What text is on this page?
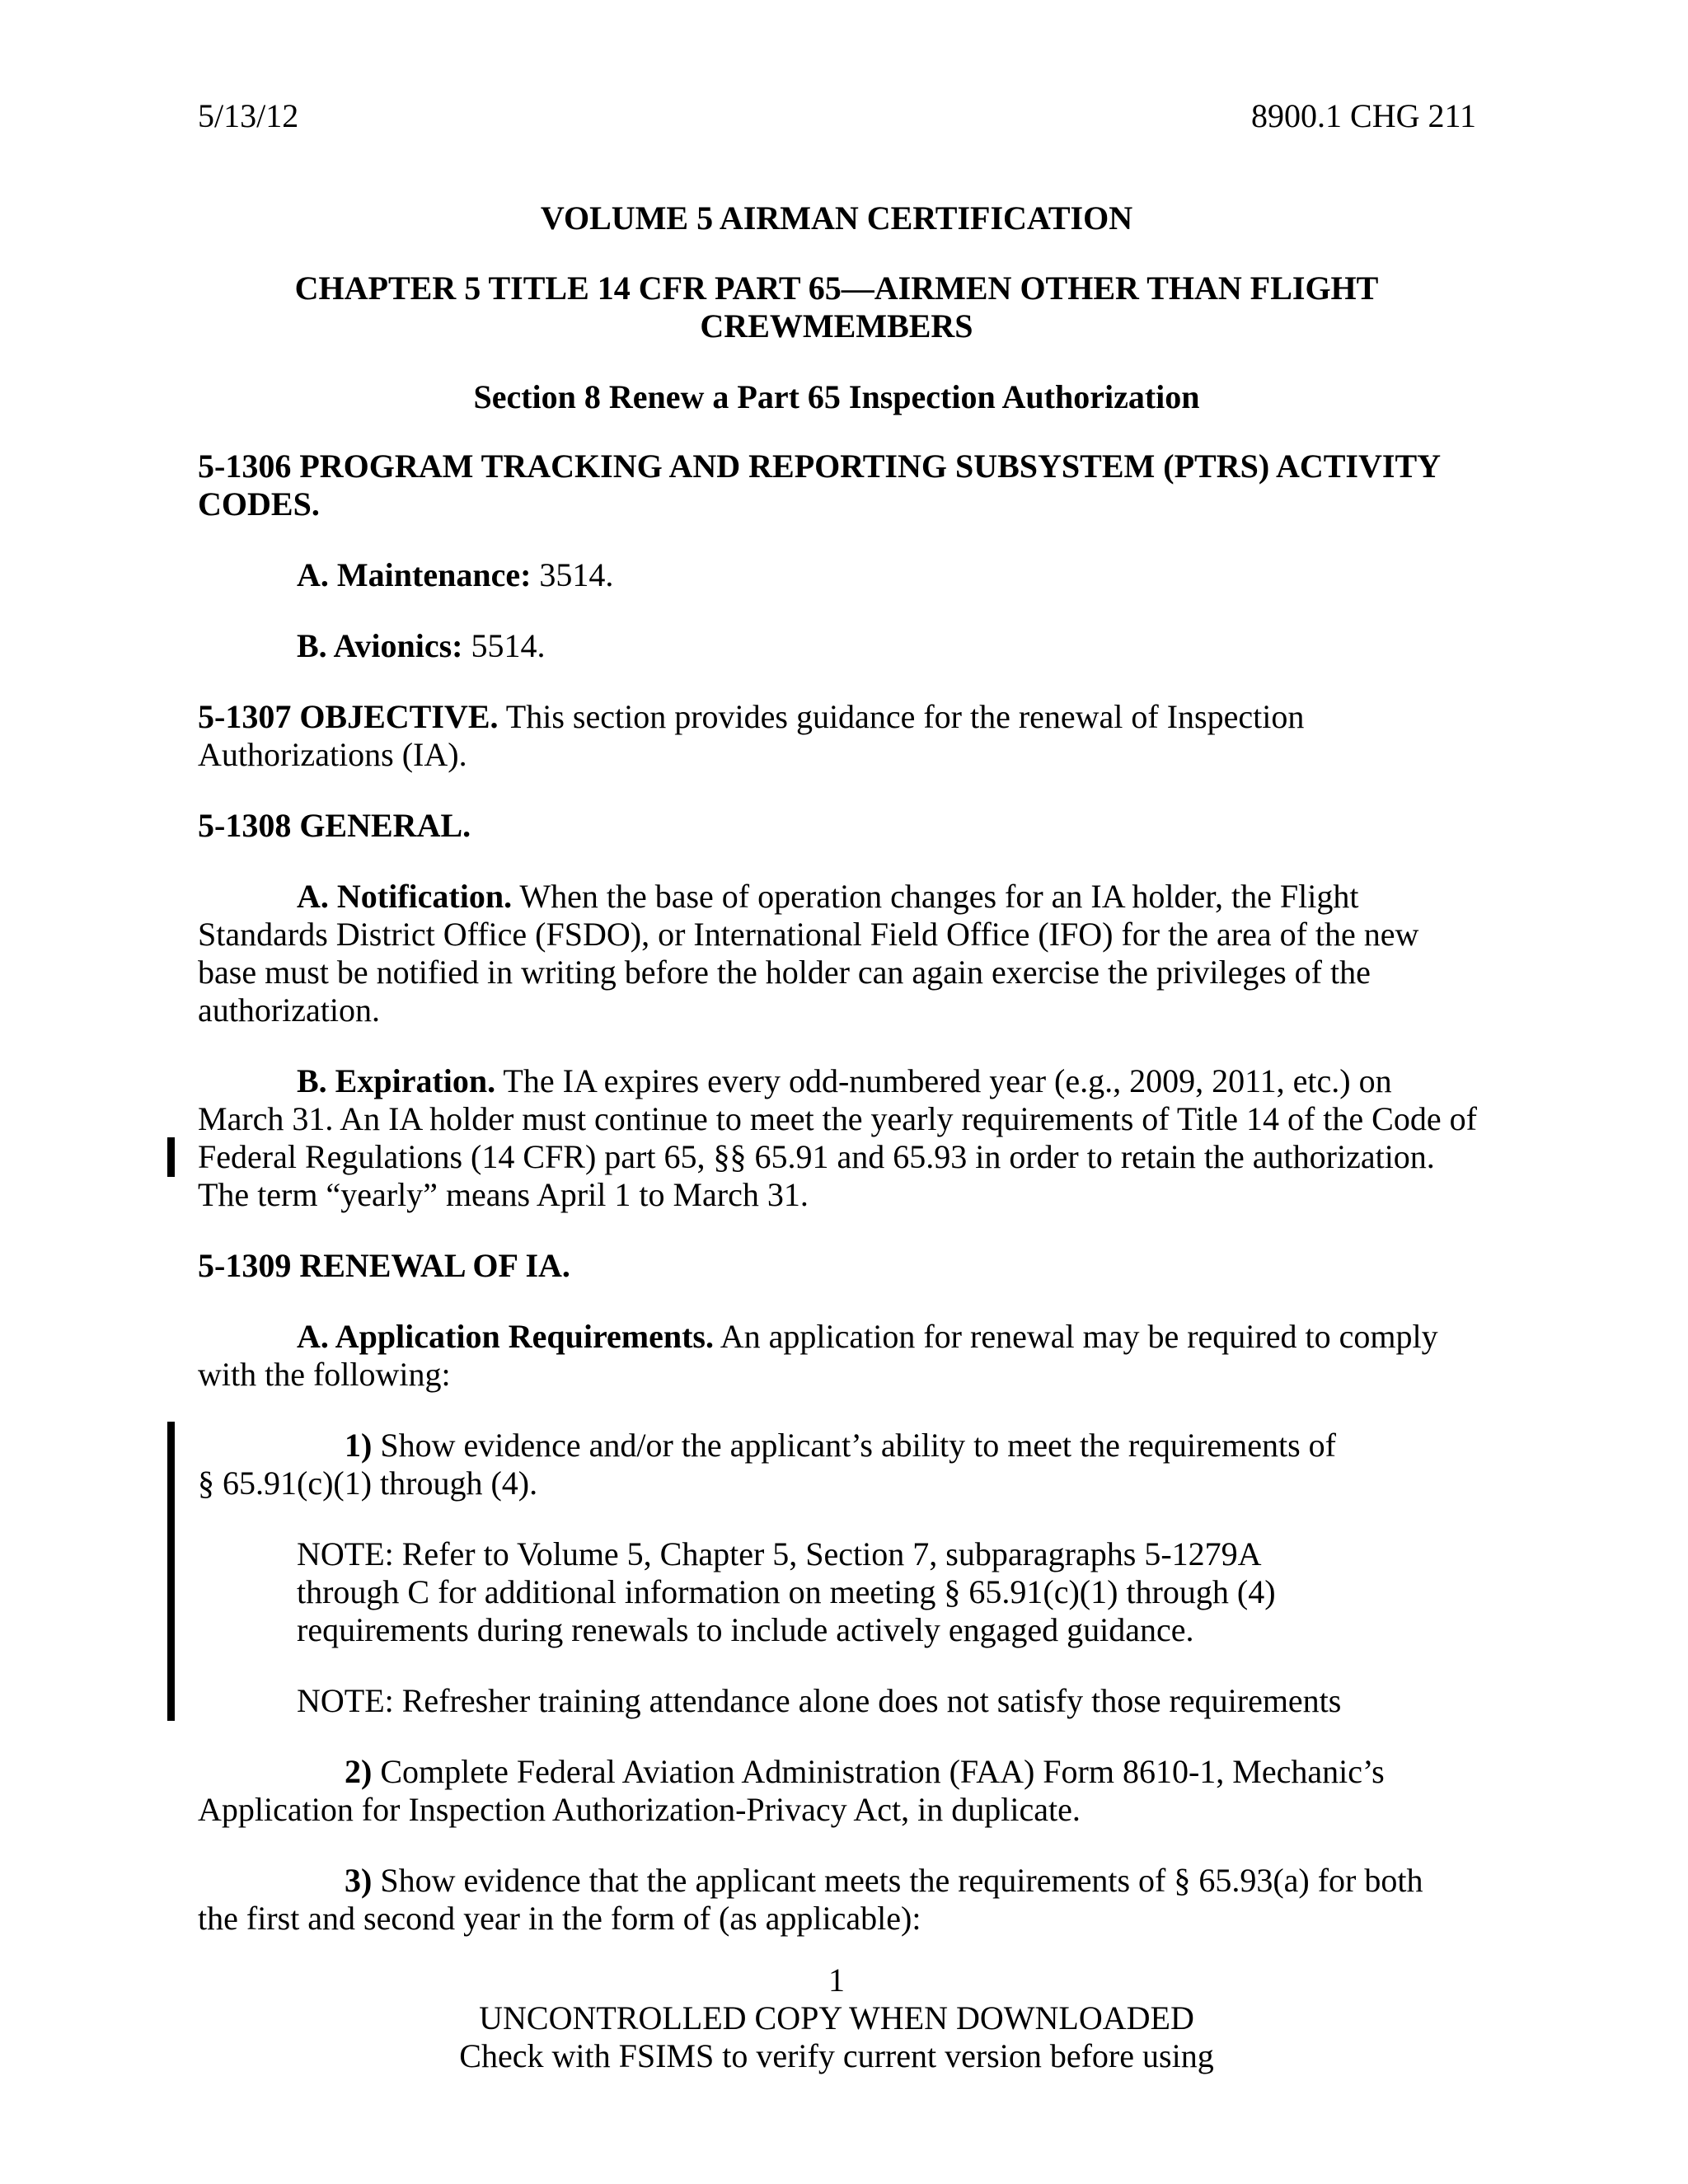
5/13/12	8900.1 CHG 211
VOLUME 5 AIRMAN CERTIFICATION
CHAPTER 5 TITLE 14 CFR PART 65—AIRMEN OTHER THAN FLIGHT
CREWMEMBERS
Section 8 Renew a Part 65 Inspection Authorization
5-1306 PROGRAM TRACKING AND REPORTING SUBSYSTEM (PTRS) ACTIVITY
CODES.
A. Maintenance: 3514.
B. Avionics: 5514.
5-1307 OBJECTIVE. This section provides guidance for the renewal of Inspection
Authorizations (IA).
5-1308 GENERAL.
A. Notification. When the base of operation changes for an IA holder, the Flight
Standards District Office (FSDO), or International Field Office (IFO) for the area of the new
base must be notified in writing before the holder can again exercise the privileges of the
authorization.
B. Expiration. The IA expires every odd-numbered year (e.g., 2009, 2011, etc.) on
March 31. An IA holder must continue to meet the yearly requirements of Title 14 of the Code of
Federal Regulations (14 CFR) part 65, §§ 65.91 and 65.93 in order to retain the authorization.
The term “yearly” means April 1 to March 31.
5-1309 RENEWAL OF IA.
A. Application Requirements. An application for renewal may be required to comply
with the following:
1) Show evidence and/or the applicant’s ability to meet the requirements of
§ 65.91(c)(1) through (4).
NOTE: Refer to Volume 5, Chapter 5, Section 7, subparagraphs 5-1279A
through C for additional information on meeting § 65.91(c)(1) through (4)
requirements during renewals to include actively engaged guidance.
NOTE: Refresher training attendance alone does not satisfy those requirements
2) Complete Federal Aviation Administration (FAA) Form 8610-1, Mechanic’s
Application for Inspection Authorization-Privacy Act, in duplicate.
3) Show evidence that the applicant meets the requirements of § 65.93(a) for both
the first and second year in the form of (as applicable):
1
UNCONTROLLED COPY WHEN DOWNLOADED
Check with FSIMS to verify current version before using
